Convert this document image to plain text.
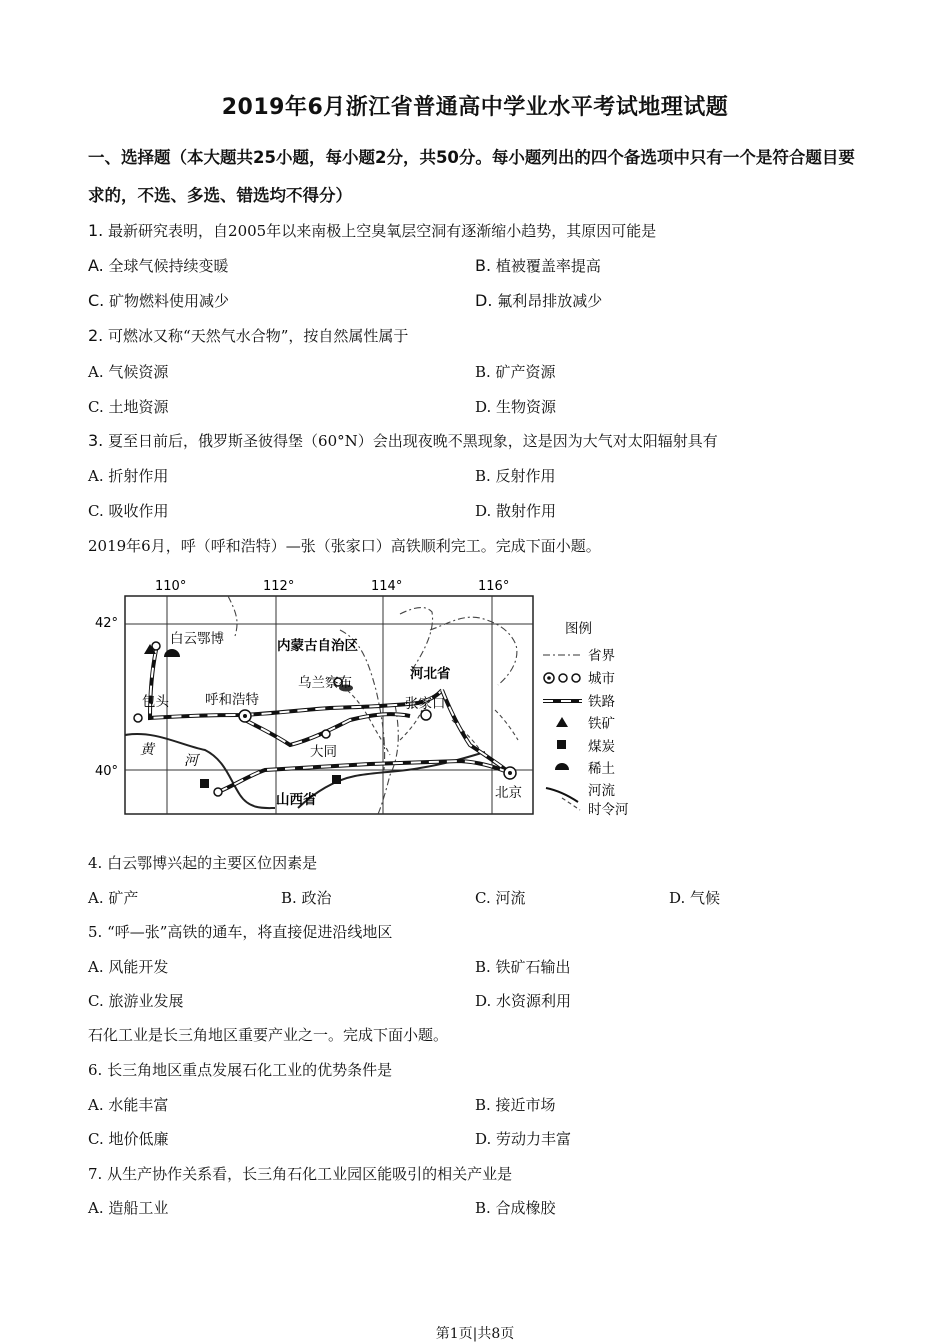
2019年6月浙江省普通高中学业水平考试地理试题
一、选择题（本大题共25小题，每小题2分，共50分。每小题列出的四个备选项中只有一个是符合题目要求的，不选、多选、错选均不得分）
1. 最新研究表明，自2005年以来南极上空臭氧层空洞有逐渐缩小趋势，其原因可能是
A. 全球气候持续变暖	B. 植被覆盖率提高
C. 矿物燃料使用减少	D. 氟利昂排放减少
2. 可燃冰又称“天然气水合物”，按自然属性属于
A. 气候资源	B. 矿产资源
C. 土地资源	D. 生物资源
3. 夏至日前后，俄罗斯圣彼得堡（60°N）会出现夜晚不黑现象，这是因为大气对太阳辐射具有
A. 折射作用	B. 反射作用
C. 吸收作用	D. 散射作用
2019年6月，呼（呼和浩特）—张（张家口）高铁顺利完工。完成下面小题。
110°	112°	114°	116°
42°
40°
白云鄂博	内蒙古自治区
乌兰察布
河北省
包头	呼和浩特	张家口
大同
山西省	北京
黄
河
图例
省界
城市
铁路
铁矿
煤炭
稀土
河流
时令河
4. 白云鄂博兴起的主要区位因素是
A. 矿产	B. 政治	C. 河流	D. 气候
5. “呼—张”高铁的通车，将直接促进沿线地区
A. 风能开发	B. 铁矿石输出
C. 旅游业发展	D. 水资源利用
石化工业是长三角地区重要产业之一。完成下面小题。
6. 长三角地区重点发展石化工业的优势条件是
A. 水能丰富	B. 接近市场
C. 地价低廉	D. 劳动力丰富
7. 从生产协作关系看，长三角石化工业园区能吸引的相关产业是
A. 造船工业	B. 合成橡胶
第1页|共8页
